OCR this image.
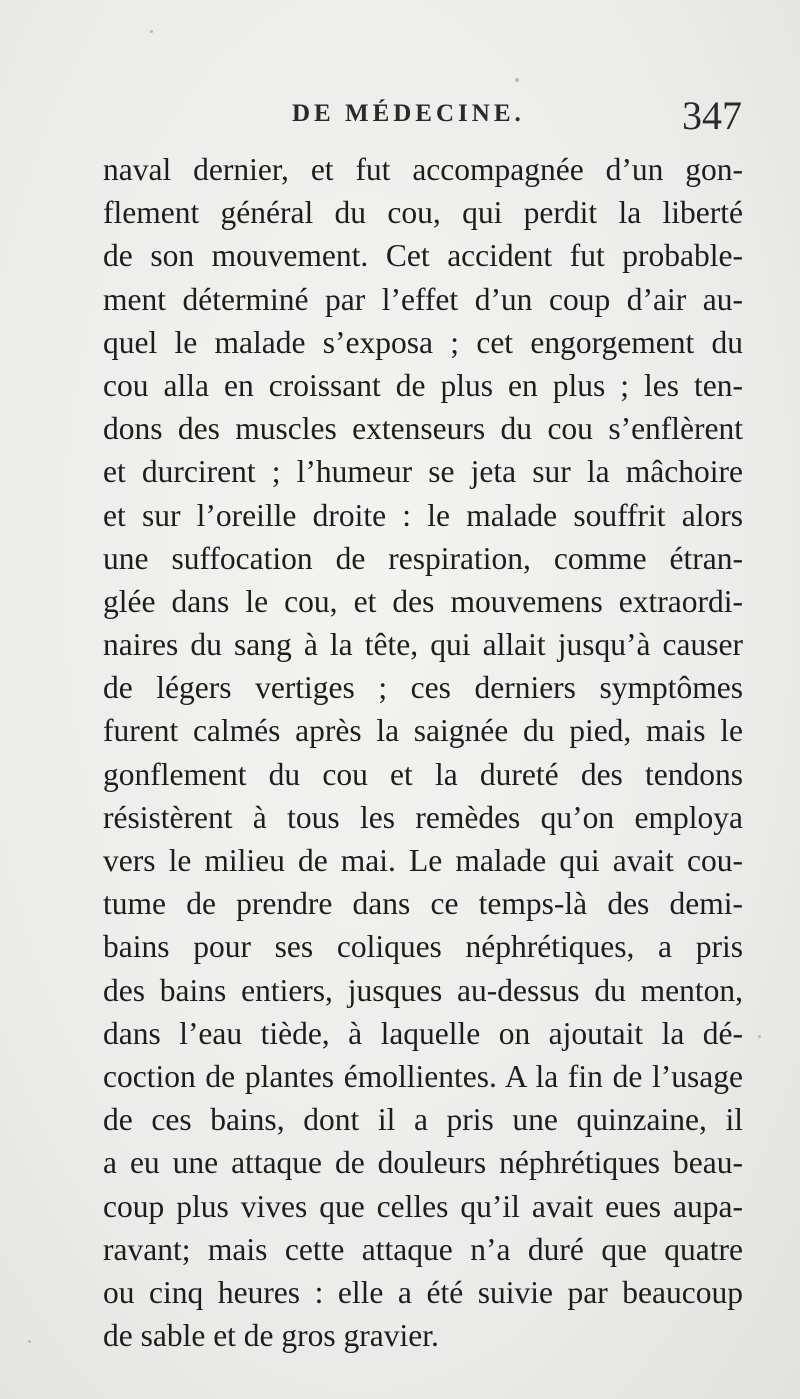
DE MÉDECINE.	347
naval dernier, et fut accompagnée d’un gon-
flement général du cou, qui perdit la liberté
de son mouvement. Cet accident fut probable-
ment déterminé par l’effet d’un coup d’air au-
quel le malade s’exposa ; cet engorgement du
cou alla en croissant de plus en plus ; les ten-
dons des muscles extenseurs du cou s’enflèrent
et durcirent ; l’humeur se jeta sur la mâchoire
et sur l’oreille droite : le malade souffrit alors
une suffocation de respiration, comme étran-
glée dans le cou, et des mouvemens extraordi-
naires du sang à la tête, qui allait jusqu’à causer
de légers vertiges ; ces derniers symptômes
furent calmés après la saignée du pied, mais le
gonflement du cou et la dureté des tendons
résistèrent à tous les remèdes qu’on employa
vers le milieu de mai. Le malade qui avait cou-
tume de prendre dans ce temps-là des demi-
bains pour ses coliques néphrétiques, a pris
des bains entiers, jusques au-dessus du menton,
dans l’eau tiède, à laquelle on ajoutait la dé-
coction de plantes émollientes. A la fin de l’usage
de ces bains, dont il a pris une quinzaine, il
a eu une attaque de douleurs néphrétiques beau-
coup plus vives que celles qu’il avait eues aupa-
ravant; mais cette attaque n’a duré que quatre
ou cinq heures : elle a été suivie par beaucoup
de sable et de gros gravier.
